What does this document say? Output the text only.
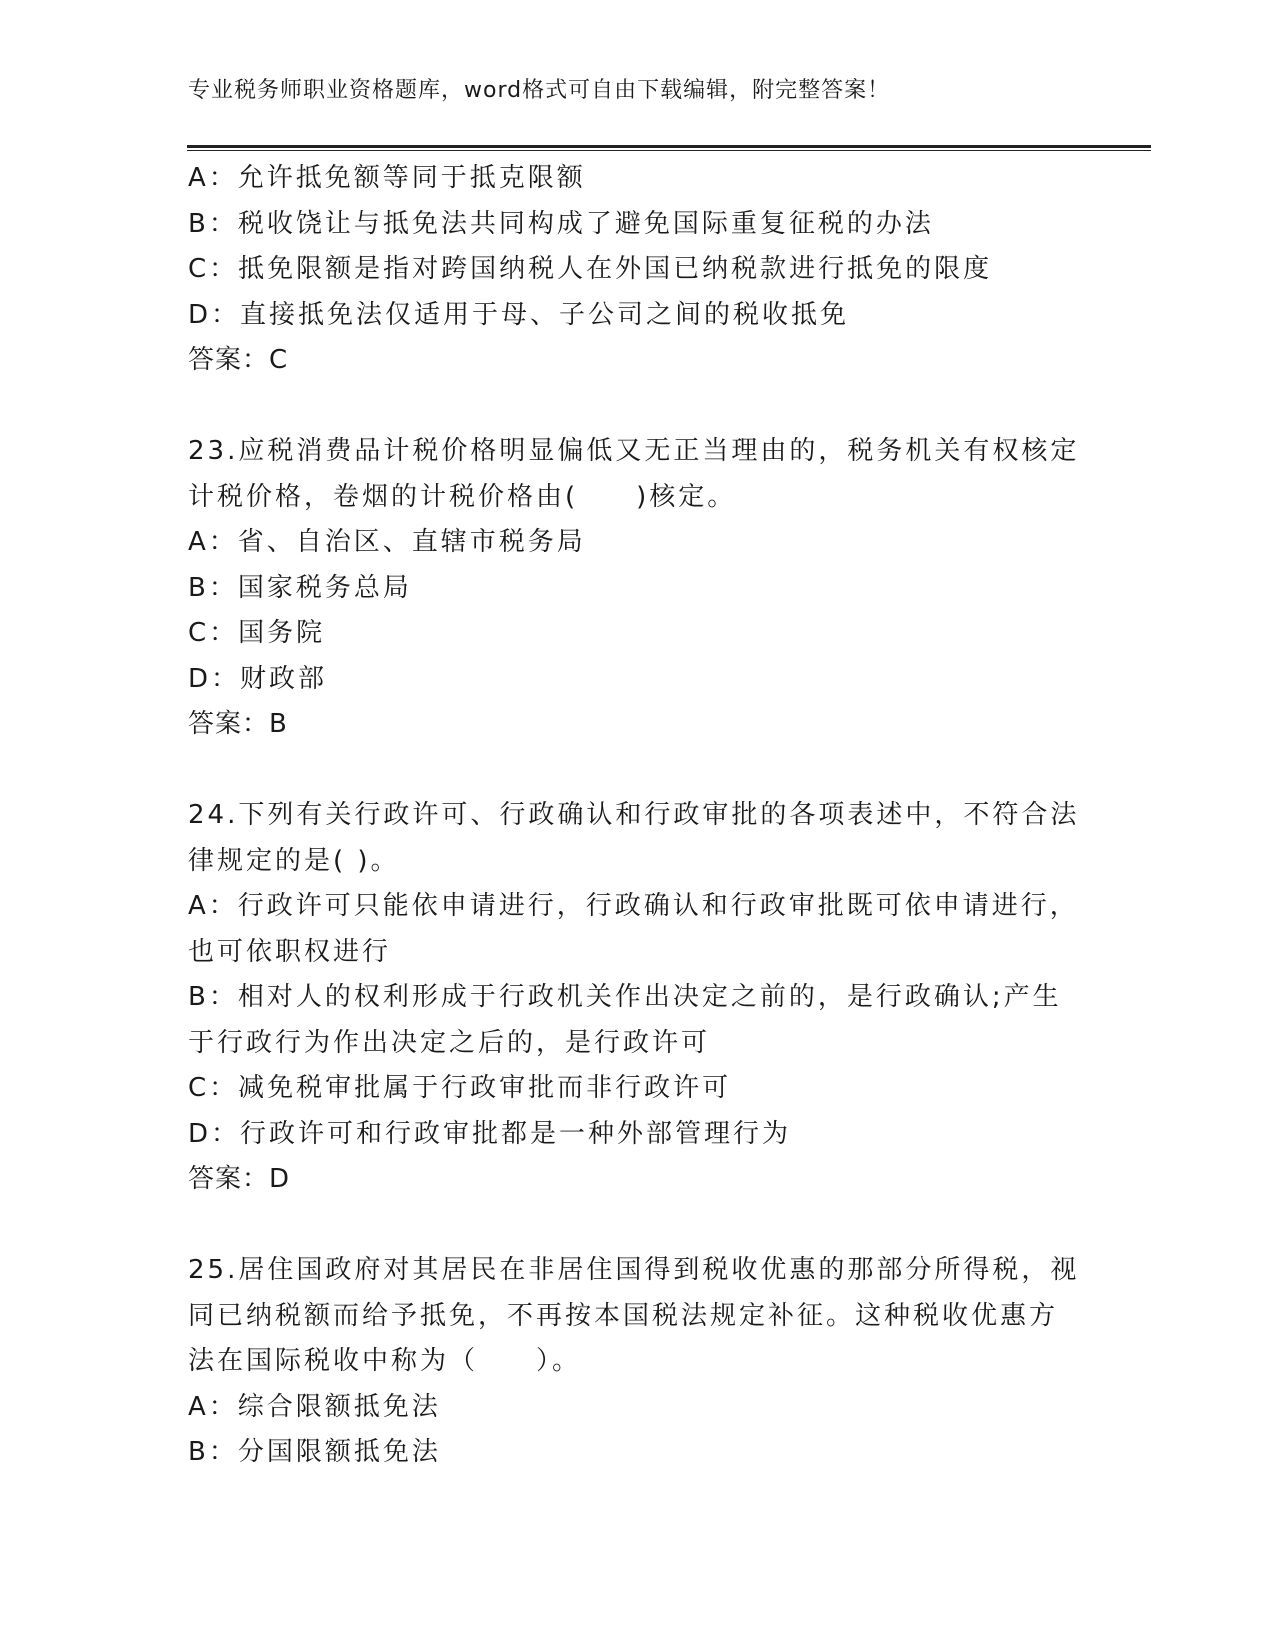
专业税务师职业资格题库，word格式可自由下载编辑，附完整答案！

A：允许抵免额等同于抵克限额

B：税收饶让与抵免法共同构成了避免国际重复征税的办法

C：抵免限额是指对跨国纳税人在外国已纳税款进行抵免的限度

D：直接抵免法仅适用于母、子公司之间的税收抵免

答案：C

23.应税消费品计税价格明显偏低又无正当理由的，税务机关有权核定

计税价格，卷烟的计税价格由(　　)核定。

A：省、自治区、直辖市税务局

B：国家税务总局

C：国务院

D：财政部

答案：B

24.下列有关行政许可、行政确认和行政审批的各项表述中，不符合法

律规定的是( )。

A：行政许可只能依申请进行，行政确认和行政审批既可依申请进行，

也可依职权进行

B：相对人的权利形成于行政机关作出决定之前的，是行政确认;产生

于行政行为作出决定之后的，是行政许可

C：减免税审批属于行政审批而非行政许可

D：行政许可和行政审批都是一种外部管理行为

答案：D

25.居住国政府对其居民在非居住国得到税收优惠的那部分所得税，视

同已纳税额而给予抵免，不再按本国税法规定补征。这种税收优惠方

法在国际税收中称为（　　）。

A：综合限额抵免法

B：分国限额抵免法
